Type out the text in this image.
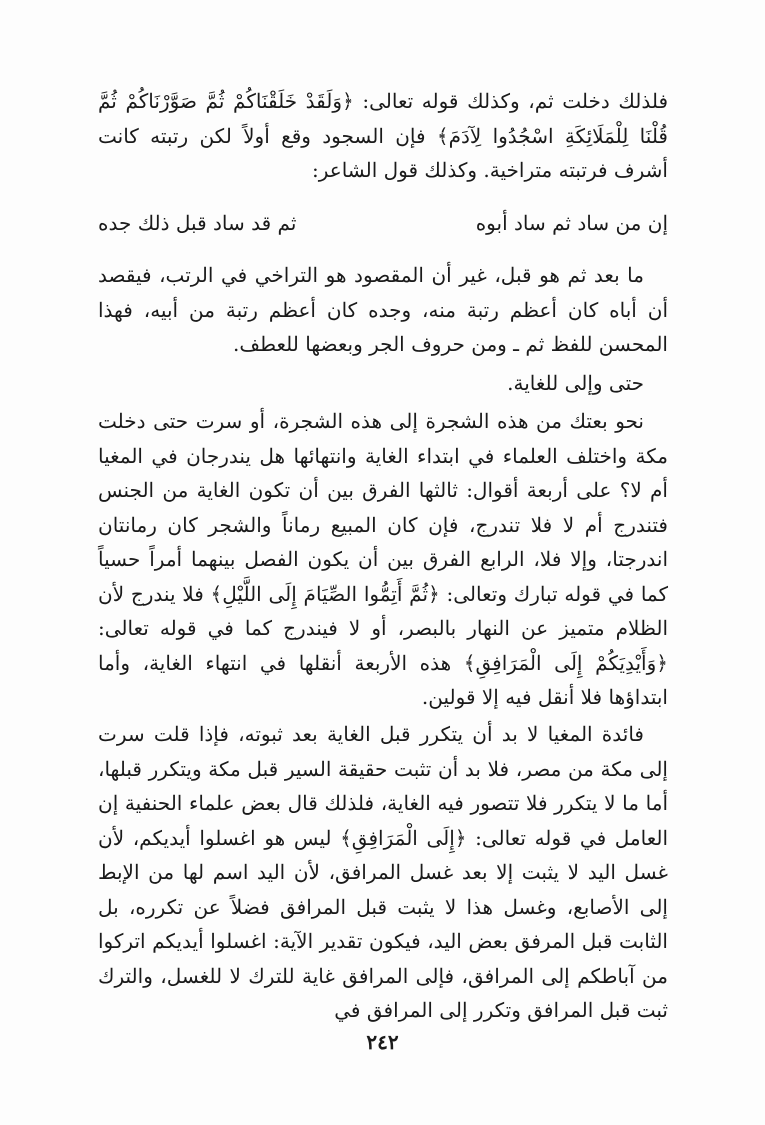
فلذلك دخلت ثم، وكذلك قوله تعالى: ﴿وَلَقَدْ خَلَقْنَاكُمْ ثُمَّ صَوَّرْنَاكُمْ ثُمَّ قُلْنَا لِلْمَلَائِكَةِ اسْجُدُوا لِآدَمَ﴾ فإن السجود وقع أولاً لكن رتبته كانت أشرف فرتبته متراخية. وكذلك قول الشاعر:

إن من ساد ثم ساد أبوه
ثم قد ساد قبل ذلك جده

ما بعد ثم هو قبل، غير أن المقصود هو التراخي في الرتب، فيقصد أن أباه كان أعظم رتبة منه، وجده كان أعظم رتبة من أبيه، فهذا المحسن للفظ ثم ـ ومن حروف الجر وبعضها للعطف.

حتى وإلى للغاية.

نحو بعتك من هذه الشجرة إلى هذه الشجرة، أو سرت حتى دخلت مكة واختلف العلماء في ابتداء الغاية وانتهائها هل يندرجان في المغيا أم لا؟ على أربعة أقوال: ثالثها الفرق بين أن تكون الغاية من الجنس فتندرج أم لا فلا تندرج، فإن كان المبيع رماناً والشجر كان رمانتان اندرجتا، وإلا فلا، الرابع الفرق بين أن يكون الفصل بينهما أمراً حسياً كما في قوله تبارك وتعالى: ﴿ثُمَّ أَتِمُّوا الصِّيَامَ إِلَى اللَّيْلِ﴾ فلا يندرج لأن الظلام متميز عن النهار بالبصر، أو لا فيندرج كما في قوله تعالى: ﴿وَأَيْدِيَكُمْ إِلَى الْمَرَافِقِ﴾ هذه الأربعة أنقلها في انتهاء الغاية، وأما ابتداؤها فلا أنقل فيه إلا قولين.

فائدة المغيا لا بد أن يتكرر قبل الغاية بعد ثبوته، فإذا قلت سرت إلى مكة من مصر، فلا بد أن تثبت حقيقة السير قبل مكة ويتكرر قبلها، أما ما لا يتكرر فلا تتصور فيه الغاية، فلذلك قال بعض علماء الحنفية إن العامل في قوله تعالى: ﴿إِلَى الْمَرَافِقِ﴾ ليس هو اغسلوا أيديكم، لأن غسل اليد لا يثبت إلا بعد غسل المرافق، لأن اليد اسم لها من الإبط إلى الأصابع، وغسل هذا لا يثبت قبل المرافق فضلاً عن تكرره، بل الثابت قبل المرفق بعض اليد، فيكون تقدير الآية: اغسلوا أيديكم اتركوا من آباطكم إلى المرافق، فإلى المرافق غاية للترك لا للغسل، والترك ثبت قبل المرافق وتكرر إلى المرافق في

٢٤٢
